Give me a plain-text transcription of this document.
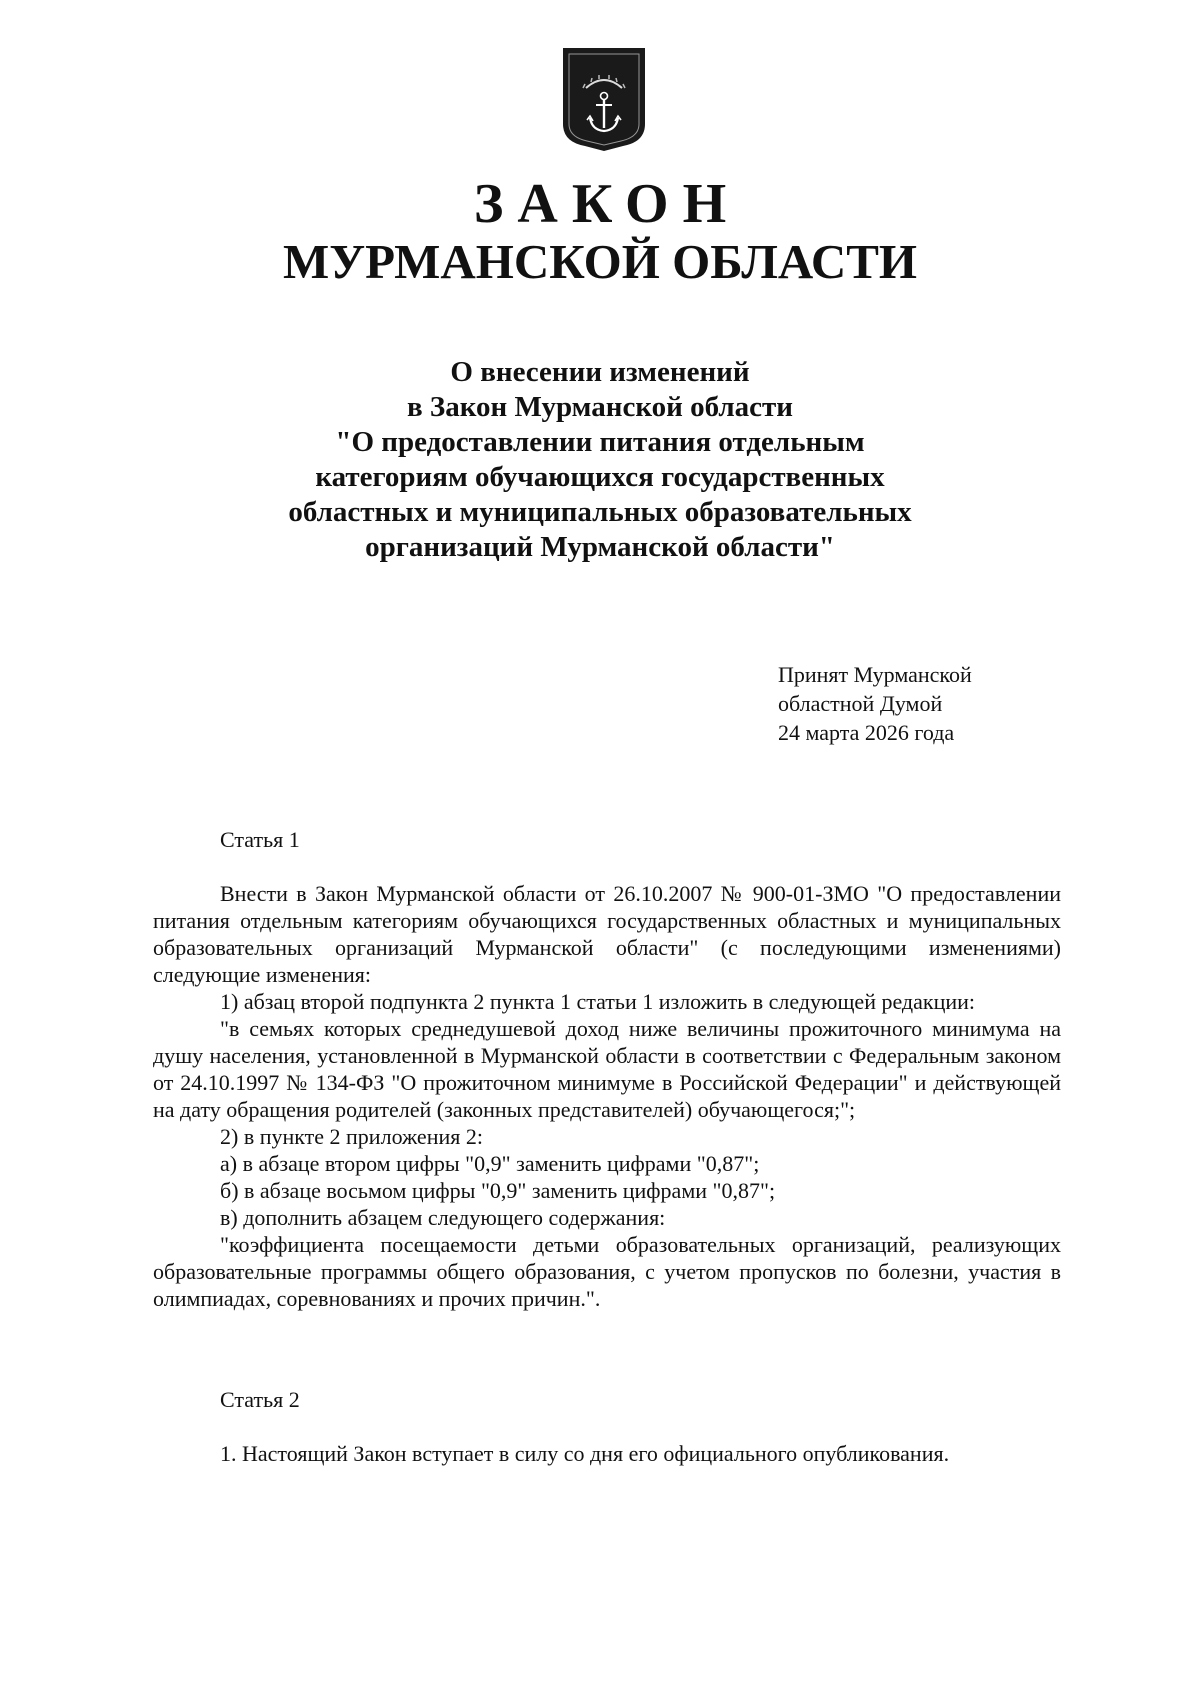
ЗАКОН
МУРМАНСКОЙ ОБЛАСТИ
О внесении изменений
в Закон Мурманской области
"О предоставлении питания отдельным
категориям обучающихся государственных
областных и муниципальных образовательных
организаций Мурманской области"
Принят Мурманской
областной Думой
24 марта 2026 года
Статья 1

Внести в Закон Мурманской области от 26.10.2007 № 900-01-ЗМО "О предоставлении питания отдельным категориям обучающихся государственных областных и муниципальных образовательных организаций Мурманской области" (с последующими изменениями) следующие изменения:

1) абзац второй подпункта 2 пункта 1 статьи 1 изложить в следующей редакции:

"в семьях которых среднедушевой доход ниже величины прожиточного минимума на душу населения, установленной в Мурманской области в соответствии с Федеральным законом от 24.10.1997 № 134-ФЗ "О прожиточном минимуме в Российской Федерации" и действующей на дату обращения родителей (законных представителей) обучающегося;";

2) в пункте 2 приложения 2:

а) в абзаце втором цифры "0,9" заменить цифрами "0,87";

б) в абзаце восьмом цифры "0,9" заменить цифрами "0,87";

в) дополнить абзацем следующего содержания:

"коэффициента посещаемости детьми образовательных организаций, реализующих образовательные программы общего образования, с учетом пропусков по болезни, участия в олимпиадах, соревнованиях и прочих причин.".

Статья 2

1. Настоящий Закон вступает в силу со дня его официального опубликования.
